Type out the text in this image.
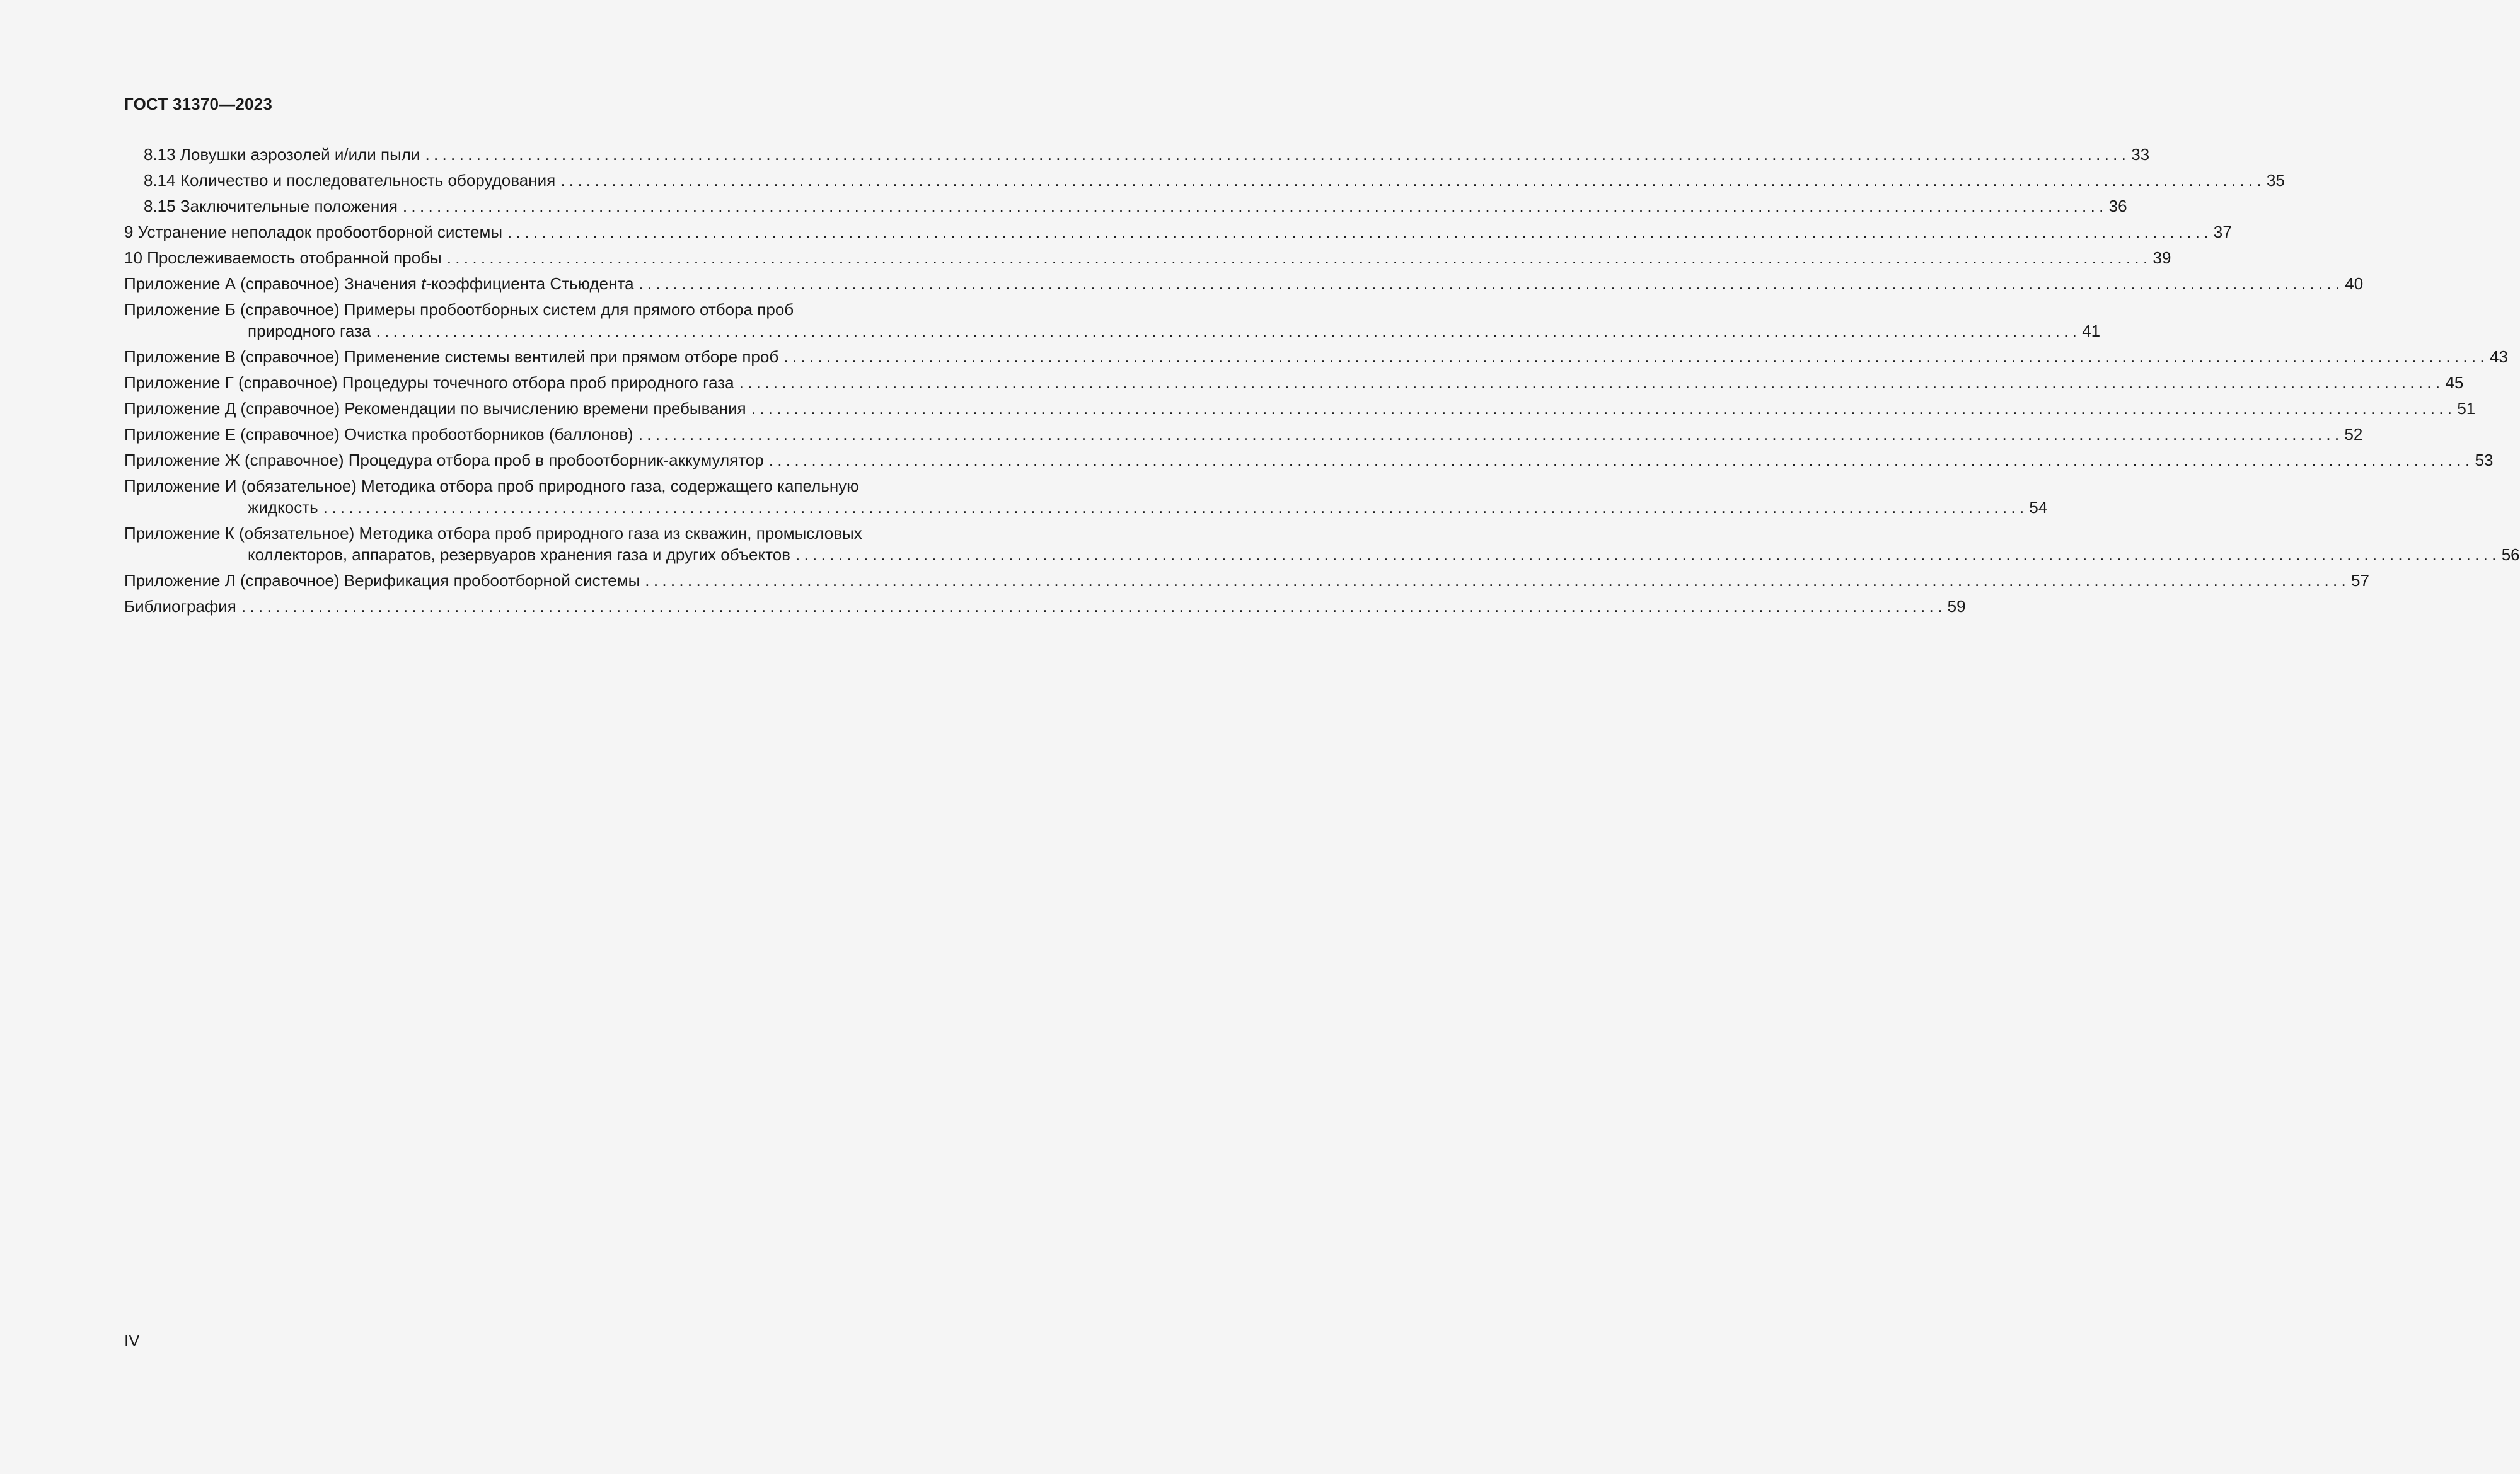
ГОСТ 31370—2023
8.13 Ловушки аэрозолей и/или пыли ........................................................................................................................................................................................................ 33
8.14 Количество и последовательность оборудования ........................................................................................................................................................................................................ 35
8.15 Заключительные положения ........................................................................................................................................................................................................ 36
9 Устранение неполадок пробоотборной системы ........................................................................................................................................................................................................ 37
10 Прослеживаемость отобранной пробы ........................................................................................................................................................................................................ 39
Приложение А (справочное) Значения t-коэффициента Стьюдента ........................................................................................................................................................................................................ 40
Приложение Б (справочное) Примеры пробоотборных систем для прямого отбора проб
природного газа ........................................................................................................................................................................................................ 41
Приложение В (справочное) Применение системы вентилей при прямом отборе проб ........................................................................................................................................................................................................ 43
Приложение Г (справочное) Процедуры точечного отбора проб природного газа ........................................................................................................................................................................................................ 45
Приложение Д (справочное) Рекомендации по вычислению времени пребывания ........................................................................................................................................................................................................ 51
Приложение Е (справочное) Очистка пробоотборников (баллонов) ........................................................................................................................................................................................................ 52
Приложение Ж (справочное) Процедура отбора проб в пробоотборник-аккумулятор ........................................................................................................................................................................................................ 53
Приложение И (обязательное) Методика отбора проб природного газа, содержащего капельную
жидкость ........................................................................................................................................................................................................ 54
Приложение К (обязательное) Методика отбора проб природного газа из скважин, промысловых
коллекторов, аппаратов, резервуаров хранения газа и других объектов ........................................................................................................................................................................................................ 56
Приложение Л (справочное) Верификация пробоотборной системы ........................................................................................................................................................................................................ 57
Библиография ........................................................................................................................................................................................................ 59
IV
